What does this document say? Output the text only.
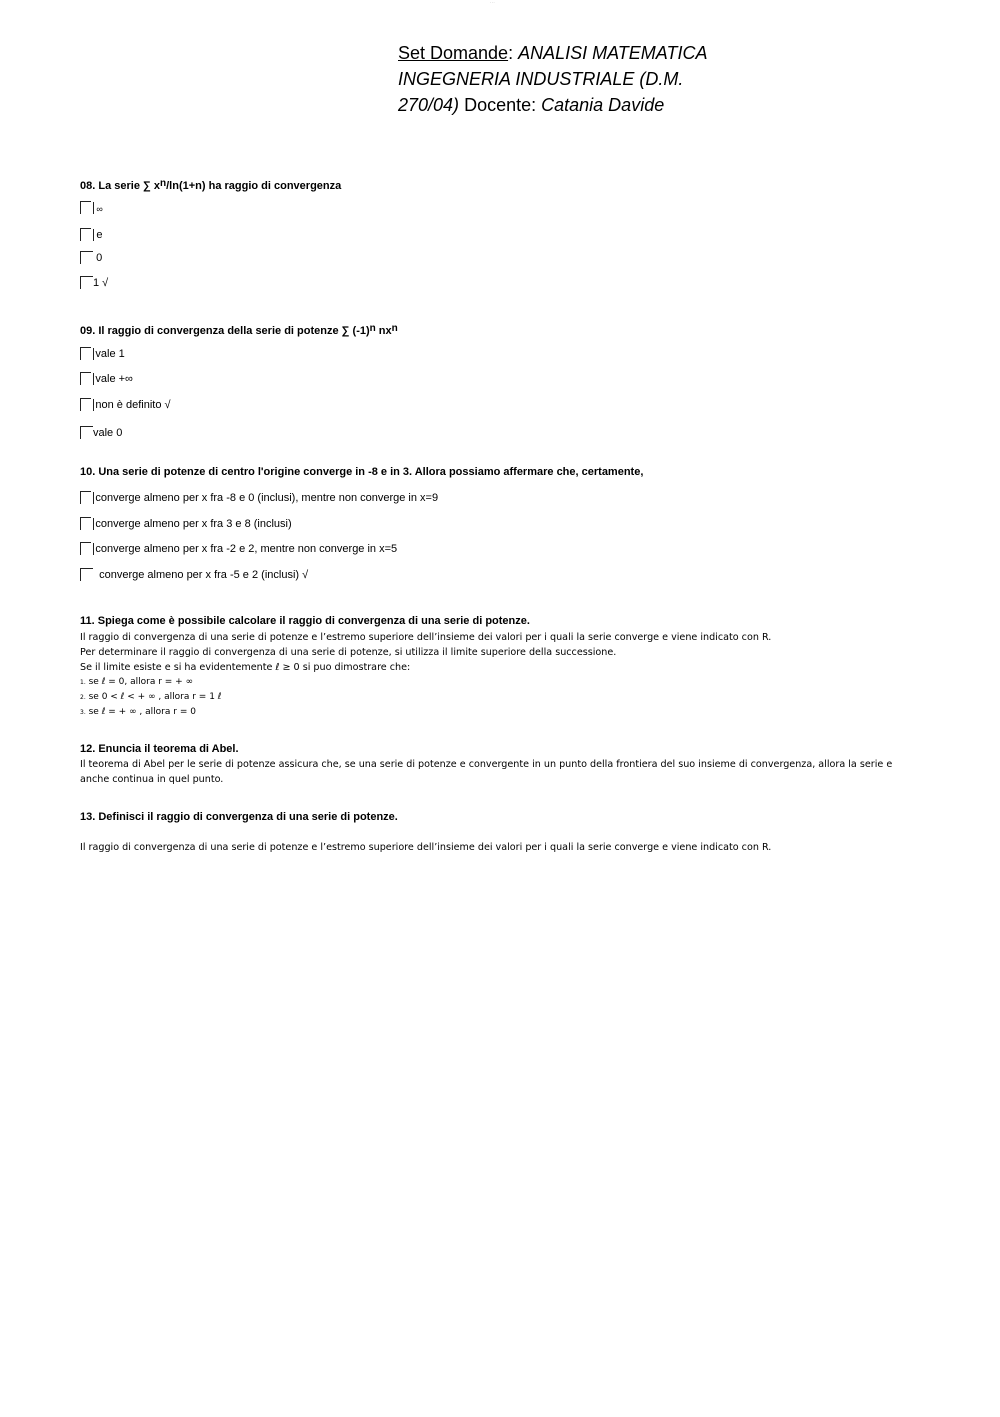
- - -
Set Domande: ANALISI MATEMATICA
INGEGNERIA INDUSTRIALE (D.M.
270/04) Docente: Catania Davide
08. La serie ∑ $x^n/\ln(1+n)$ ha raggio di convergenza
∞
e

0
1 √
09. Il raggio di convergenza della serie di potenze ∑ $(-1)^n$ $nx^n$
vale 1
vale +∞
non è definito √
vale 0
10. Una serie di potenze di centro l'origine converge in -8 e in 3. Allora possiamo affermare che, certamente,
converge almeno per x fra -8 e 0 (inclusi), mentre non converge in x=9
converge almeno per x fra 3 e 8 (inclusi)
converge almeno per x fra -2 e 2, mentre non converge in x=5

converge almeno per x fra -5 e 2 (inclusi) √
11. Spiega come è possibile calcolare il raggio di convergenza di una serie di potenze.
Il raggio di convergenza di una serie di potenze e l’estremo superiore dell’insieme dei valori per i quali la serie converge e viene indicato con R.
Per determinare il raggio di convergenza di una serie di potenze, si utilizza il limite superiore della successione.
Se il limite esiste e si ha evidentemente ℓ ≥ 0 si puo dimostrare che:
1. se ℓ = 0, allora r = + ∞
2. se 0 < ℓ < + ∞ , allora r = 1 ℓ
3. se ℓ = + ∞ , allora r = 0
12. Enuncia il teorema di Abel.
Il teorema di Abel per le serie di potenze assicura che, se una serie di potenze e convergente in un punto della frontiera del suo insieme di convergenza, allora la serie e
anche continua in quel punto.
13. Definisci il raggio di convergenza di una serie di potenze.
Il raggio di convergenza di una serie di potenze e l’estremo superiore dell’insieme dei valori per i quali la serie converge e viene indicato con R.
